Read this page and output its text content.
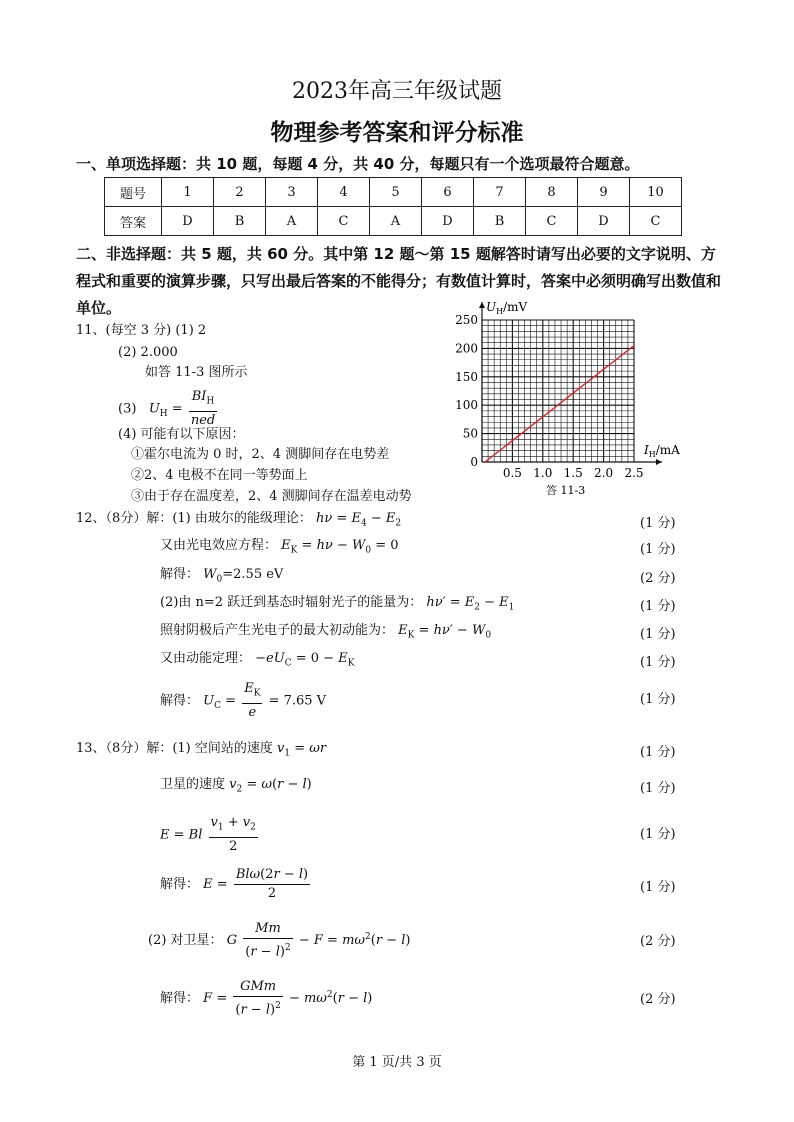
2023年高三年级试题
物理参考答案和评分标准
一、单项选择题：共 10 题，每题 4 分，共 40 分，每题只有一个选项最符合题意。
题号	1	2	3	4	5	6	7	8	9	10
答案	D	B	A	C	A	D	B	C	D	C
二、非选择题：共 5 题，共 60 分。其中第 12 题～第 15 题解答时请写出必要的文字说明、方程式和重要的演算步骤，只写出最后答案的不能得分；有数值计算时，答案中必须明确写出数值和单位。
11、(每空 3 分) (1) 2
(2) 2.000
如答 11-3 图所示
(3) $U_H = \frac{BI_H}{\text{ned}}$
(4) 可能有以下原因：
①霍尔电流为 0 时，2、4 测脚间存在电势差
②2、4 电极不在同一等势面上
③由于存在温度差，2、4 测脚间存在温差电动势
$U_H/mV$
$I_H/mA$
答 11-3
0.5 1.0 1.5 2.0 2.5
0
50
100
150
200
250
12、（8分）解：(1) 由玻尔的能级理论： $h\nu = E_4 - E_2$	(1 分)
又由光电效应方程： $E_K = h\nu - W_0 = 0$	(1 分)
解得： $W_0=2.55$ eV	(2 分)
(2)由 n=2 跃迁到基态时辐射光子的能量为： $h\nu' = E_2 - E_1$	(1 分)
照射阴极后产生光电子的最大初动能为： $E_K = h\nu' - W_0$	(1 分)
又由动能定理： $-eU_C = 0 - E_K$	(1 分)
解得： $U_C = \frac{E_K}{e} = 7.65$ V	(1 分)
13、（8分）解：(1) 空间站的速度 $v_1 = \omega r$	(1 分)
卫星的速度 $v_2 = \omega(r - l)$	(1 分)
E = Bl $\frac{v_1 + v_2}{2}$	(1 分)
解得： $E = \frac{\text{Blω(2r − l)}}{2}$	(1 分)
(2) 对卫星： G $\frac{Mm}{(r - l)^2} - F = m\omega^2(r - l)$	(2 分)
解得： $F = \frac{\text{GMm}}{(r - l)^2} - m\omega^2(r - l)$	(2 分)
第 1 页/共 3 页
